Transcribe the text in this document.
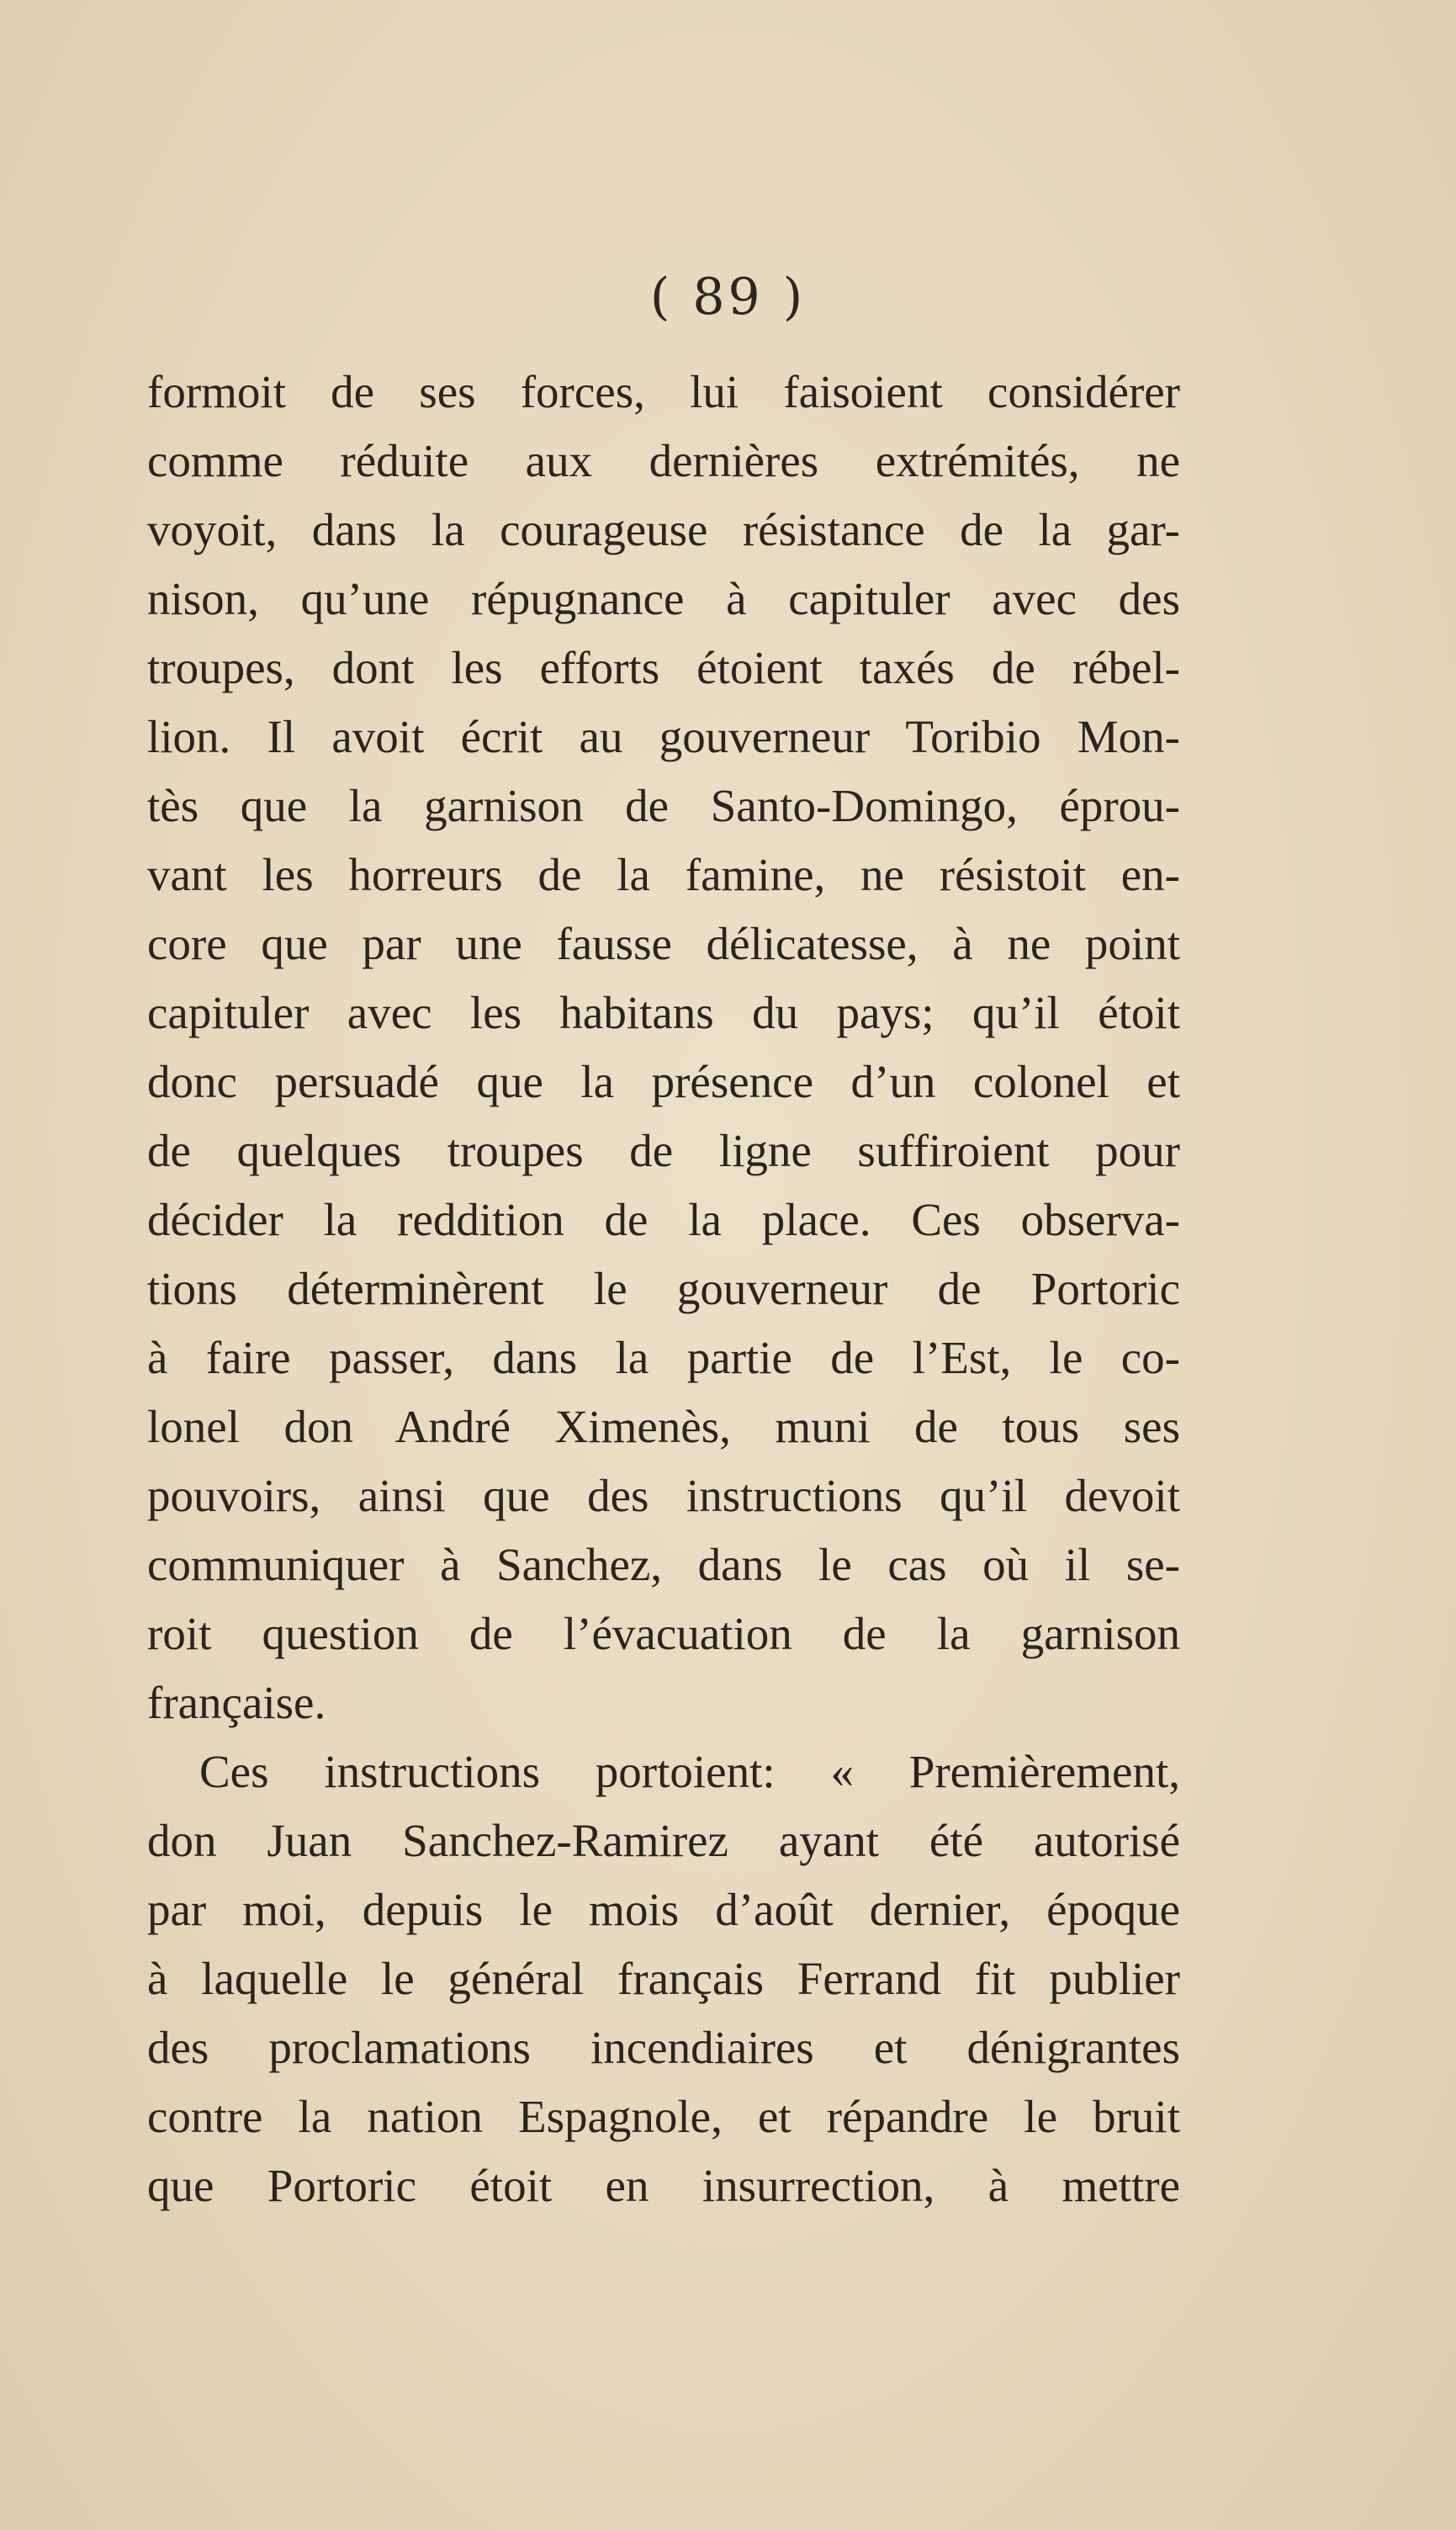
( 89 )
formoit de ses forces, lui faisoient considérer
comme réduite aux dernières extrémités, ne
voyoit, dans la courageuse résistance de la gar-
nison, qu’une répugnance à capituler avec des
troupes, dont les efforts étoient taxés de rébel-
lion. Il avoit écrit au gouverneur Toribio Mon-
tès que la garnison de Santo-Domingo, éprou-
vant les horreurs de la famine, ne résistoit en-
core que par une fausse délicatesse, à ne point
capituler avec les habitans du pays; qu’il étoit
donc persuadé que la présence d’un colonel et
de quelques troupes de ligne suffiroient pour
décider la reddition de la place. Ces observa-
tions déterminèrent le gouverneur de Portoric
à faire passer, dans la partie de l’Est, le co-
lonel don André Ximenès, muni de tous ses
pouvoirs, ainsi que des instructions qu’il devoit
communiquer à Sanchez, dans le cas où il se-
roit question de l’évacuation de la garnison
française.
Ces instructions portoient: « Premièrement,
don Juan Sanchez-Ramirez ayant été autorisé
par moi, depuis le mois d’août dernier, époque
à laquelle le général français Ferrand fit publier
des proclamations incendiaires et dénigrantes
contre la nation Espagnole, et répandre le bruit
que Portoric étoit en insurrection, à mettre
